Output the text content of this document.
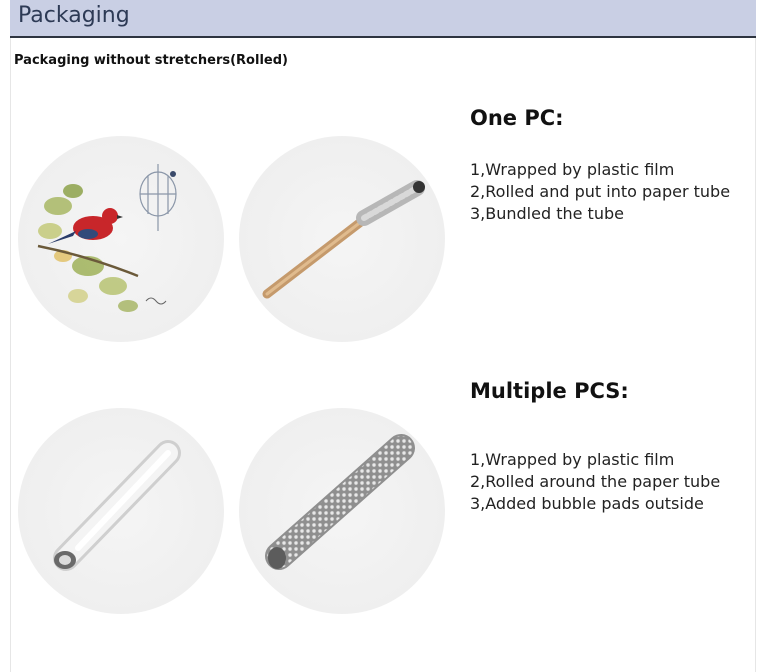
Packaging
Packaging without stretchers(Rolled)
One PC:
1,Wrapped by plastic film
2,Rolled and put into paper tube
3,Bundled the tube
Multiple PCS:
1,Wrapped by plastic film
2,Rolled around the paper tube
3,Added bubble pads outside
